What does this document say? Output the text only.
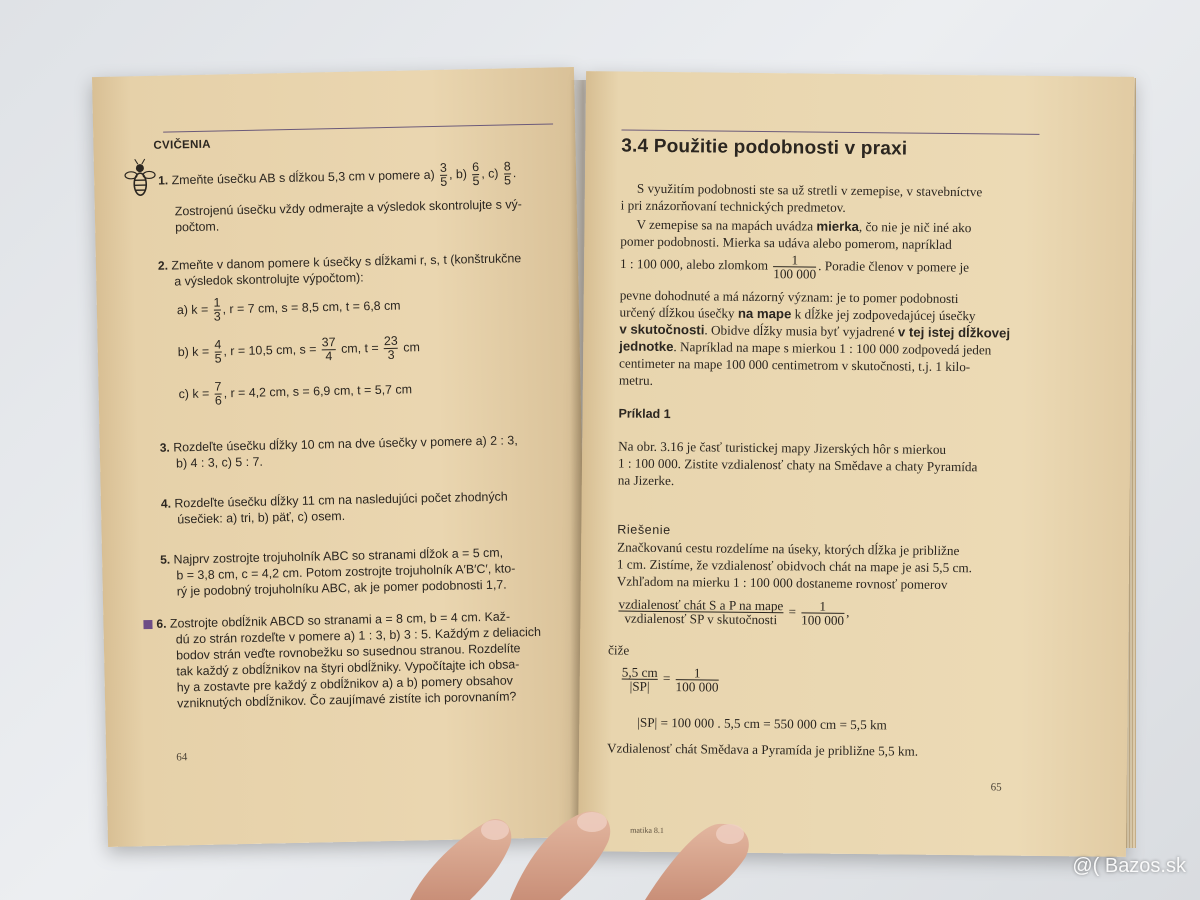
CVIČENIA
1. Zmeňte úsečku AB s dĺžkou 5,3 cm v pomere $a) \frac{3}{5}$ , $b) \frac{6}{5}$ , $c) \frac{8}{5}$ .
Zostrojenú úsečku vždy odmerajte a výsledok skontrolujte s vý-
počtom.
2. Zmeňte v danom pomere k úsečky s dĺžkami r, s, t (konštrukčne
a výsledok skontrolujte výpočtom):
a) $k = \frac{1}{3}$ , r = 7 cm, s = 8,5 cm, t = 6,8 cm
b) $k = \frac{4}{5}$ , r = 10,5 cm, $s = \frac{37}{4}$ cm, $t = \frac{23}{3}$ cm
c) $k = \frac{7}{6}$ , r = 4,2 cm, s = 6,9 cm, t = 5,7 cm
3. Rozdeľte úsečku dĺžky 10 cm na dve úsečky v pomere a) 2 : 3,
b) 4 : 3, c) 5 : 7.
4. Rozdeľte úsečku dĺžky 11 cm na nasledujúci počet zhodných
úsečiek: a) tri, b) päť, c) osem.
5. Najprv zostrojte trojuholník ABC so stranami dĺžok a = 5 cm,
b = 3,8 cm, c = 4,2 cm. Potom zostrojte trojuholník A′B′C′, kto-
rý je podobný trojuholníku ABC, ak je pomer podobnosti 1,7.
6. Zostrojte obdĺžnik ABCD so stranami a = 8 cm, b = 4 cm. Kaž-
dú zo strán rozdeľte v pomere a) 1 : 3, b) 3 : 5. Každým z deliacich
bodov strán veďte rovnobežku so susednou stranou. Rozdelíte
tak každý z obdĺžnikov na štyri obdĺžniky. Vypočítajte ich obsa-
hy a zostavte pre každý z obdĺžnikov a) a b) pomery obsahov
vzniknutých obdĺžnikov. Čo zaujímavé zistíte ich porovnaním?
64
3.4 Použitie podobnosti v praxi
S využitím podobnosti ste sa už stretli v zemepise, v stavebníctve
i pri znázorňovaní technických predmetov.
V zemepise sa na mapách uvádza mierka, čo nie je nič iné ako
pomer podobnosti. Mierka sa udáva alebo pomerom, napríklad
1 : 100 000, alebo zlomkom $\frac{1}{100 000}$ . Poradie členov v pomere je
pevne dohodnuté a má názorný význam: je to pomer podobnosti
určený dĺžkou úsečky na mape k dĺžke jej zodpovedajúcej úsečky
v skutočnosti. Obidve dĺžky musia byť vyjadrené v tej istej dĺžkovej
jednotke. Napríklad na mape s mierkou 1 : 100 000 zodpovedá jeden
centimeter na mape 100 000 centimetrom v skutočnosti, t.j. 1 kilo-
metru.
Príklad 1
Na obr. 3.16 je časť turistickej mapy Jizerských hôr s mierkou
1 : 100 000. Zistite vzdialenosť chaty na Smědave a chaty Pyramída
na Jizerke.
Riešenie
Značkovanú cestu rozdelíme na úseky, ktorých dĺžka je približne
1 cm. Zistíme, že vzdialenosť obidvoch chát na mape je asi 5,5 cm.
Vzhľadom na mierku 1 : 100 000 dostaneme rovnosť pomerov
$\frac{\text{vzdialenosť chát S a P na mape}}{\text{vzdialenosť SP v skutočnosti}} = \frac{1}{100 000}$ ,
čiže
$\frac{5,5 cm}{|SP|} = \frac{1}{100 000}$
|SP| = 100 000 . 5,5 cm = 550 000 cm = 5,5 km
Vzdialenosť chát Smědava a Pyramída je približne 5,5 km.
65
matika 8.1
@( Bazos.sk
